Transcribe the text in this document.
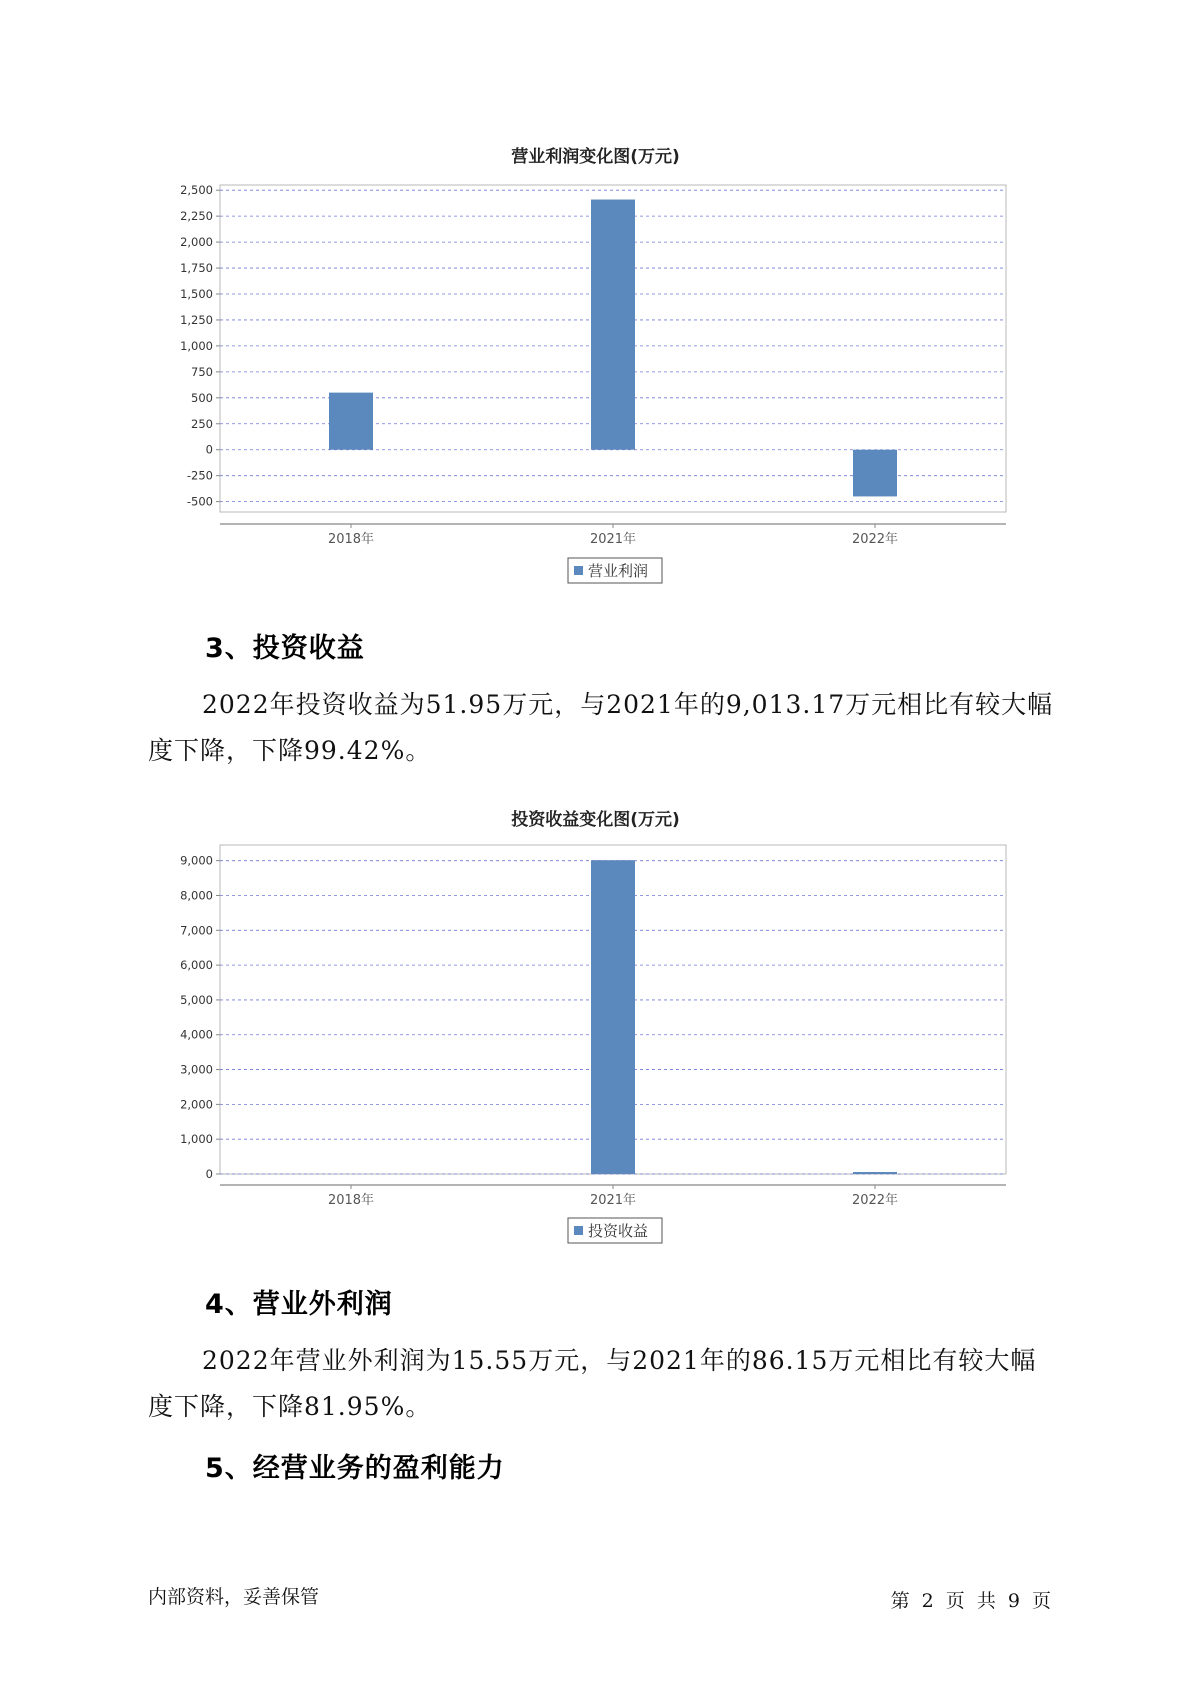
营业利润变化图(万元)
2,500
2,250
2,000
1,750
1,500
1,250
1,000
750
500
250
0
-250
-500
2018年	2021年	2022年
营业利润
3、投资收益
2022年投资收益为51.95万元，与2021年的9,013.17万元相比有较大幅
度下降，下降99.42%。
投资收益变化图(万元)
9,000
8,000
7,000
6,000
5,000
4,000
3,000
2,000
1,000
0
2018年	2021年	2022年
投资收益
4、营业外利润
2022年营业外利润为15.55万元，与2021年的86.15万元相比有较大幅
度下降，下降81.95%。
5、经营业务的盈利能力
内部资料，妥善保管	第 2 页 共 9 页
